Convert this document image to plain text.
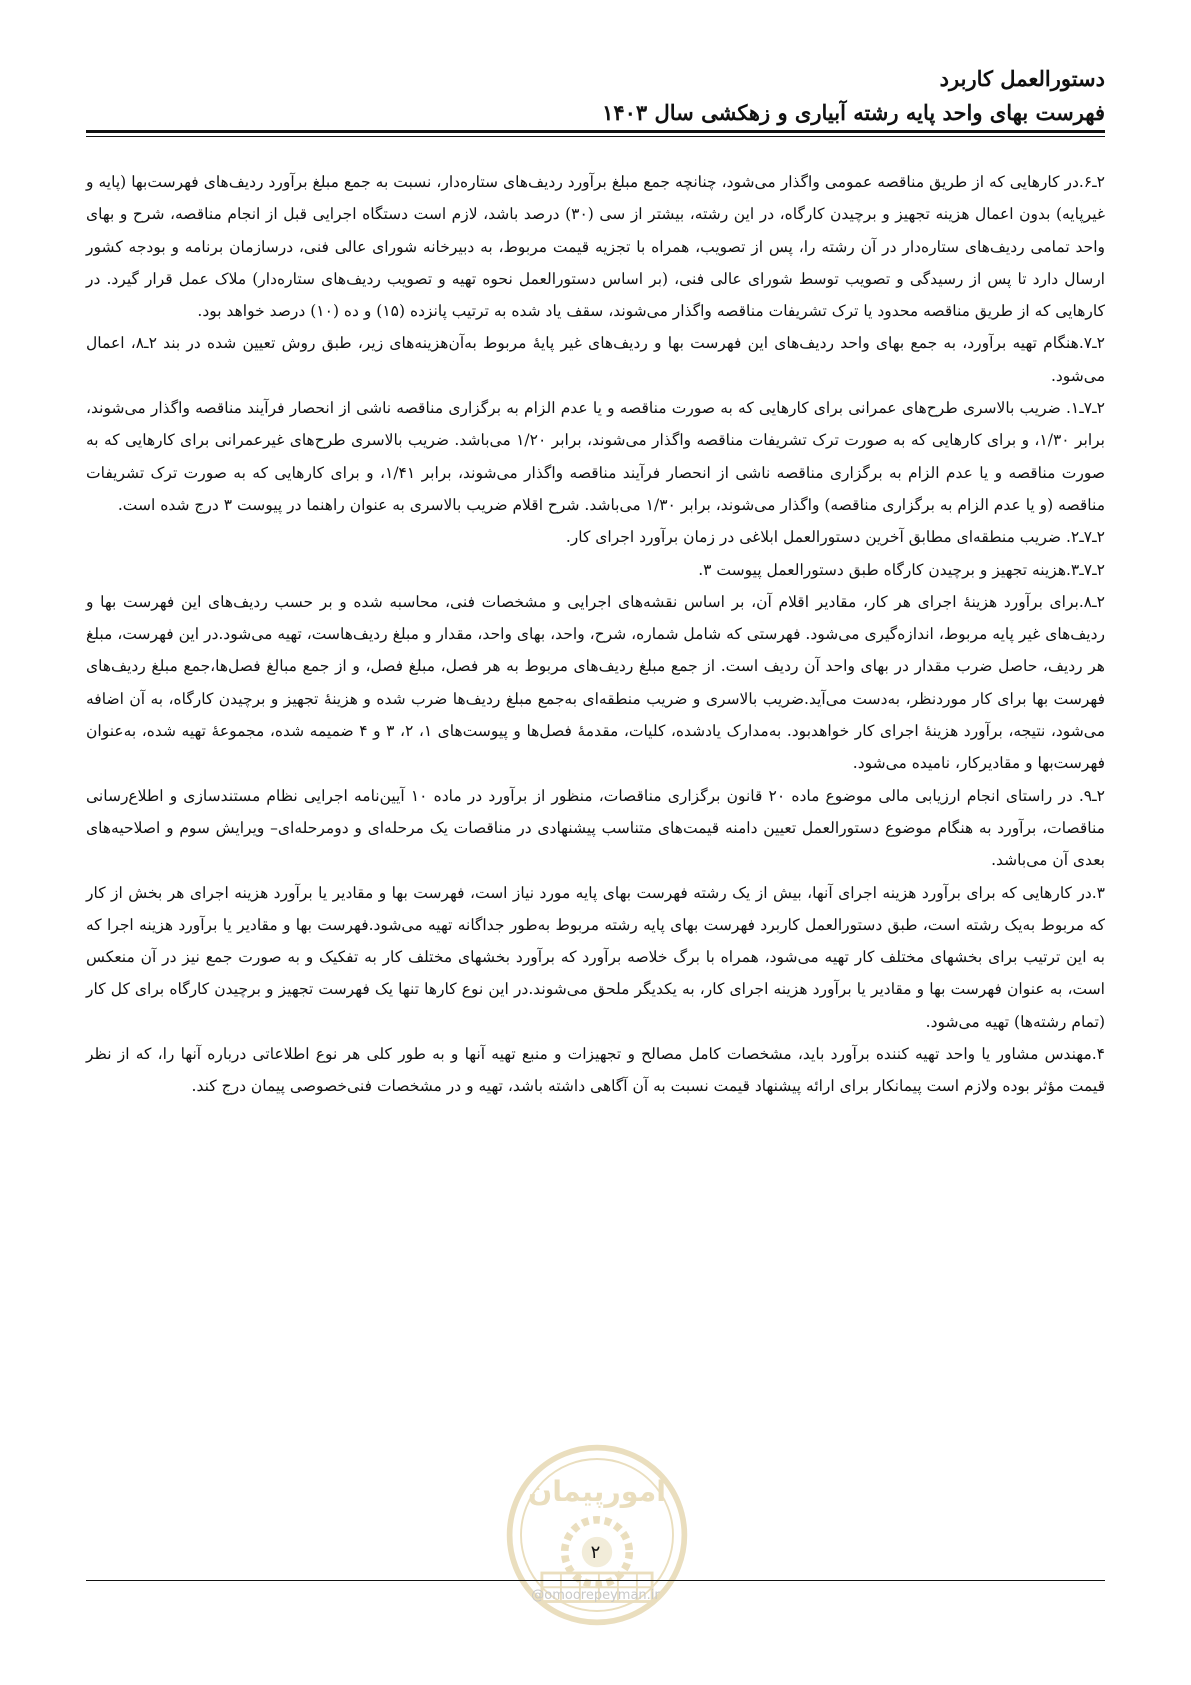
دستورالعمل کاربرد
فهرست بهای واحد پایه رشته آبیاری و زهکشی سال ۱۴۰۳

۲ـ۶.در کارهایی که از طریق مناقصه عمومی واگذار می‌شود، چنانچه جمع مبلغ برآورد ردیف‌های ستاره‌دار، نسبت به جمع مبلغ برآورد ردیف‌های فهرست‌بها (پایه و غیرپایه) بدون اعمال هزینه تجهیز و برچیدن کارگاه، در این رشته، بیشتر از سی (۳۰) درصد باشد، لازم است دستگاه اجرایی قبل از انجام مناقصه، شرح و بهای واحد تمامی ردیف‌های ستاره‌دار در آن رشته را، پس از تصویب، همراه با تجزیه قیمت مربوط، به دبیرخانه شورای عالی فنی، درسازمان برنامه و بودجه کشور ارسال دارد تا پس از رسیدگی و تصویب توسط شورای عالی فنی، (بر اساس دستورالعمل نحوه تهیه و تصویب ردیف‌های ستاره‌دار) ملاک عمل قرار گیرد. در کارهایی که از طریق مناقصه محدود یا ترک تشریفات مناقصه واگذار می‌شوند، سقف یاد شده به ترتیب پانزده (۱۵) و ده (۱۰) درصد خواهد بود.

۲ـ۷.هنگام تهیه برآورد، به جمع بهای واحد ردیف‌های این فهرست بها و ردیف‌های غیر پایهٔ مربوط به‌آن‌هزینه‌های زیر، طبق روش تعیین شده در بند ۲ـ۸، اعمال می‌شود.

۲ـ۷ـ۱. ضریب بالاسری طرح‌های عمرانی برای کارهایی که به صورت مناقصه و یا عدم الزام به برگزاری مناقصه ناشی از انحصار فرآیند مناقصه واگذار می‌شوند، برابر ۱/۳۰، و برای کارهایی که به صورت ترک تشریفات مناقصه واگذار می‌شوند، برابر ۱/۲۰ می‌باشد. ضریب بالاسری طرح‌های غیرعمرانی برای کارهایی که به صورت مناقصه و یا عدم الزام به برگزاری مناقصه ناشی از انحصار فرآیند مناقصه واگذار می‌شوند، برابر ۱/۴۱، و برای کارهایی که به صورت ترک تشریفات مناقصه (و یا عدم الزام به برگزاری مناقصه) واگذار می‌شوند، برابر ۱/۳۰ می‌باشد. شرح اقلام ضریب بالاسری به عنوان راهنما در پیوست ۳ درج شده است.

۲ـ۷ـ۲. ضریب منطقه‌ای مطابق آخرین دستورالعمل ابلاغی در زمان برآورد اجرای کار.

۲ـ۷ـ۳.هزینه تجهیز و برچیدن کارگاه طبق دستورالعمل پیوست ۳.

۲ـ۸.برای برآورد هزینهٔ اجرای هر کار، مقادیر اقلام آن، بر اساس نقشه‌های اجرایی و مشخصات فنی، محاسبه شده و بر حسب ردیف‌های این فهرست بها و ردیف‌های غیر پایه مربوط، اندازه‌گیری می‌شود. فهرستی که شامل شماره، شرح، واحد، بهای واحد، مقدار و مبلغ ردیف‌هاست، تهیه می‌شود.در این فهرست، مبلغ هر ردیف، حاصل ضرب مقدار در بهای واحد آن ردیف است. از جمع مبلغ ردیف‌های مربوط به هر فصل، مبلغ فصل، و از جمع مبالغ فصل‌ها،جمع مبلغ ردیف‌های فهرست بها برای کار موردنظر، به‌دست می‌آید.ضریب بالاسری و ضریب منطقه‌ای به‌جمع مبلغ ردیف‌ها ضرب شده و هزینهٔ تجهیز و برچیدن کارگاه، به آن اضافه می‌شود، نتیجه، برآورد هزینهٔ اجرای کار خواهدبود. به‌مدارک یادشده، کلیات، مقدمهٔ فصل‌ها و پیوست‌های ۱، ۲، ۳ و ۴ ضمیمه شده، مجموعهٔ تهیه شده، به‌عنوان فهرست‌بها و مقادیرکار، نامیده می‌شود.

۲ـ۹. در راستای انجام ارزیابی مالی موضوع ماده ۲۰ قانون برگزاری مناقصات، منظور از برآورد در ماده ۱۰ آیین‌نامه اجرایی نظام مستندسازی و اطلاع‌رسانی مناقصات، برآورد به هنگام موضوع دستورالعمل تعیین دامنه قیمت‌های متناسب پیشنهادی در مناقصات یک مرحله‌ای و دومرحله‌ای– ویرایش سوم و اصلاحیه‌های بعدی آن می‌باشد.

۳.در کارهایی که برای برآورد هزینه اجرای آنها، بیش از یک رشته فهرست بهای پایه مورد نیاز است، فهرست بها و مقادیر یا برآورد هزینه اجرای هر بخش از کار که مربوط به‌یک رشته است، طبق دستورالعمل کاربرد فهرست بهای پایه رشته مربوط به‌طور جداگانه تهیه می‌شود.فهرست بها و مقادیر یا برآورد هزینه اجرا که به این ترتیب برای بخشهای مختلف کار تهیه می‌شود، همراه با برگ خلاصه برآورد که برآورد بخشهای مختلف کار به تفکیک و به صورت جمع نیز در آن منعکس است، به عنوان فهرست بها و مقادیر یا برآورد هزینه اجرای کار، به یکدیگر ملحق می‌شوند.در این نوع کارها تنها یک فهرست تجهیز و برچیدن کارگاه برای کل کار (تمام رشته‌ها) تهیه می‌شود.

۴.مهندس مشاور یا واحد تهیه کننده برآورد باید، مشخصات کامل مصالح و تجهیزات و منبع تهیه آنها و به طور کلی هر نوع اطلاعاتی درباره آنها را، که از نظر قیمت مؤثر بوده ولازم است پیمانکار برای ارائه پیشنهاد قیمت نسبت به آن آگاهی داشته باشد، تهیه و در مشخصات فنی‌خصوصی پیمان درج کند.

امورپیمان
۲
@omoorepeyman.ir
